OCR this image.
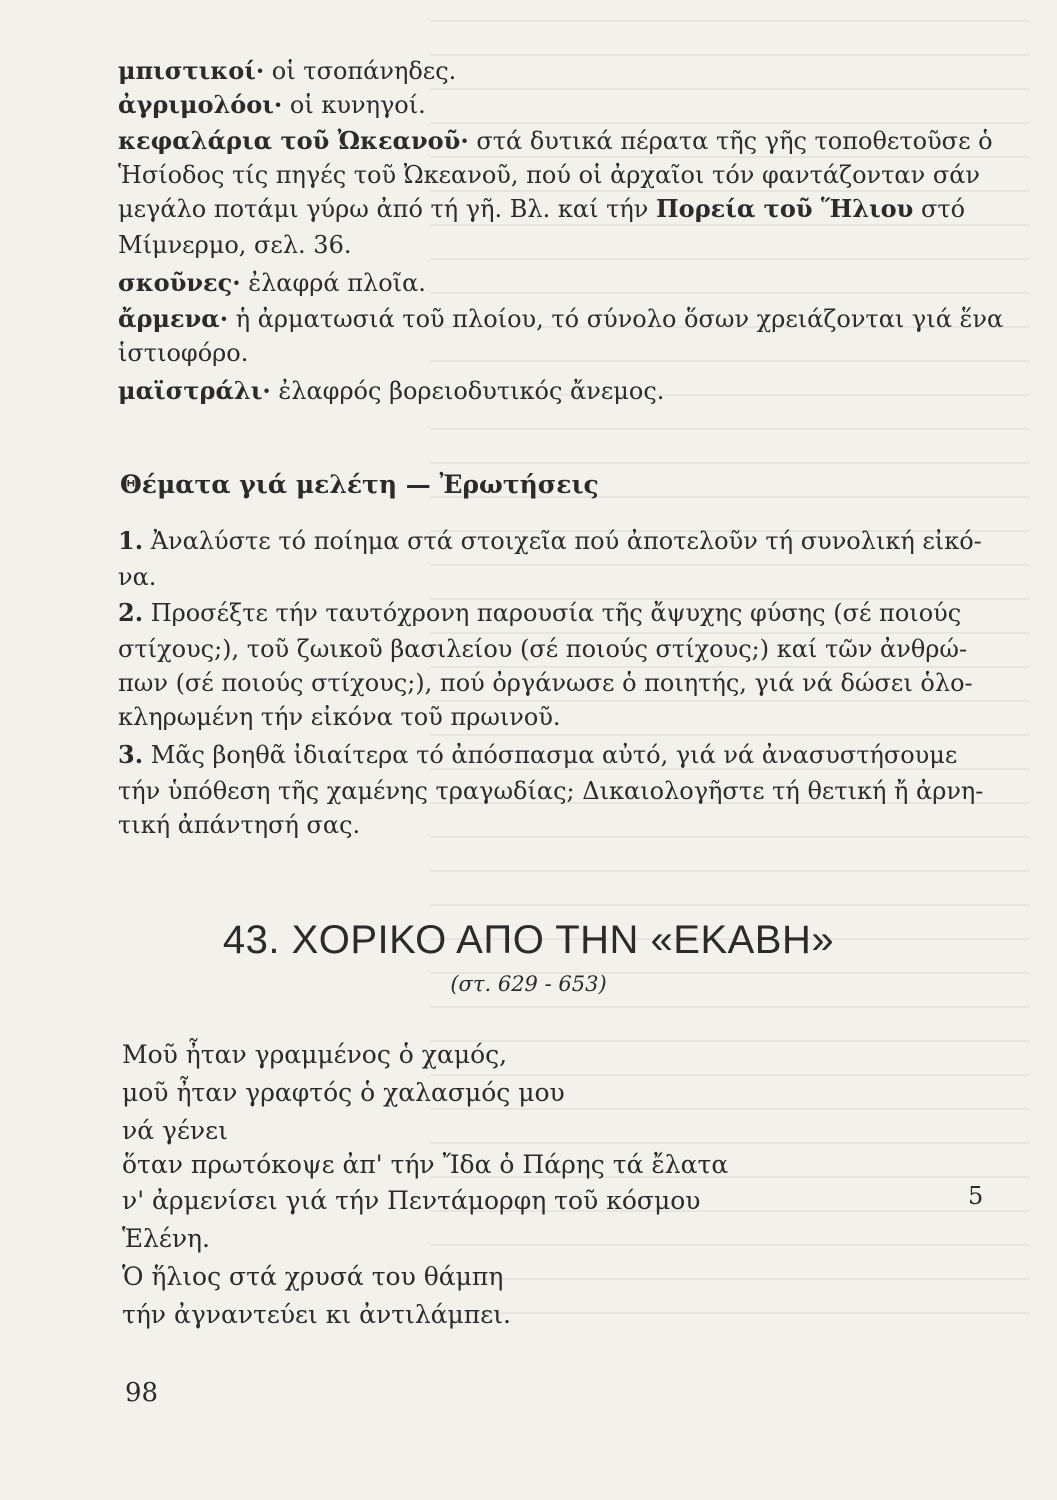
μπιστικοί· οἱ τσοπάνηδες.
ἀγριμολόοι· οἱ κυνηγοί.
κεφαλάρια τοῦ Ὠκεανοῦ· στά δυτικά πέρατα τῆς γῆς τοποθετοῦσε ὁ
Ἡσίοδος τίς πηγές τοῦ Ὠκεανοῦ, πού οἱ ἀρχαῖοι τόν φαντάζονταν σάν
μεγάλο ποτάμι γύρω ἀπό τή γῆ. Βλ. καί τήν Πορεία τοῦ Ἥλιου στό
Μίμνερμο, σελ. 36.
σκοῦνες· ἐλαφρά πλοῖα.
ἄρμενα· ἡ ἀρματωσιά τοῦ πλοίου, τό σύνολο ὅσων χρειάζονται γιά ἕνα
ἱστιοφόρο.
μαϊστράλι· ἐλαφρός βορειοδυτικός ἄνεμος.
Θέματα γιά μελέτη — Ἐρωτήσεις
1. Ἀναλύστε τό ποίημα στά στοιχεῖα πού ἀποτελοῦν τή συνολική εἰκό-
να.
2. Προσέξτε τήν ταυτόχρονη παρουσία τῆς ἄψυχης φύσης (σέ ποιούς
στίχους;), τοῦ ζωικοῦ βασιλείου (σέ ποιούς στίχους;) καί τῶν ἀνθρώ-
πων (σέ ποιούς στίχους;), πού ὀργάνωσε ὁ ποιητής, γιά νά δώσει ὁλο-
κληρωμένη τήν εἰκόνα τοῦ πρωινοῦ.
3. Μᾶς βοηθᾶ ἰδιαίτερα τό ἀπόσπασμα αὐτό, γιά νά ἀνασυστήσουμε
τήν ὑπόθεση τῆς χαμένης τραγωδίας; Δικαιολογῆστε τή θετική ἤ ἀρνη-
τική ἀπάντησή σας.
43. ΧΟΡΙΚΟ ΑΠΟ ΤΗΝ «ΕΚΑΒΗ»
(στ. 629 - 653)
Μοῦ ἦταν γραμμένος ὁ χαμός,
μοῦ ἦταν γραφτός ὁ χαλασμός μου
νά γένει
ὅταν πρωτόκοψε ἀπ' τήν Ἴδα ὁ Πάρης τά ἔλατα
ν' ἀρμενίσει γιά τήν Πεντάμορφη τοῦ κόσμου
Ἑλένη.
Ὁ ἥλιος στά χρυσά του θάμπη
τήν ἀγναντεύει κι ἀντιλάμπει.
5
98
